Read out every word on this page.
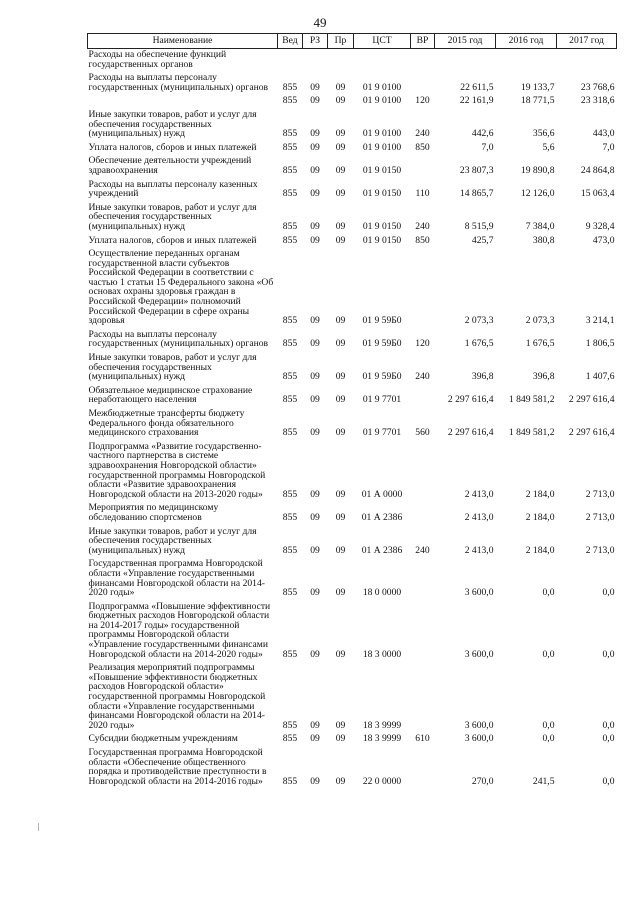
49
Наименование	Вед	РЗ	Пр	ЦСТ	ВР	2015 год	2016 год	2017 год
Расходы на обеспечение функций государственных органов								
Расходы на выплаты персоналу государственных (муниципальных) органов	855	09	09	01 9 0100		22 611,5	19 133,7	23 768,6
	855	09	09	01 9 0100	120	22 161,9	18 771,5	23 318,6
Иные закупки товаров, работ и услуг для обеспечения государственных (муниципальных) нужд	855	09	09	01 9 0100	240	442,6	356,6	443,0
Уплата налогов, сборов и иных платежей	855	09	09	01 9 0100	850	7,0	5,6	7,0
Обеспечение деятельности учреждений здравоохранения	855	09	09	01 9 0150		23 807,3	19 890,8	24 864,8
Расходы на выплаты персоналу казенных учреждений	855	09	09	01 9 0150	110	14 865,7	12 126,0	15 063,4
Иные закупки товаров, работ и услуг для обеспечения государственных (муниципальных) нужд	855	09	09	01 9 0150	240	8 515,9	7 384,0	9 328,4
Уплата налогов, сборов и иных платежей	855	09	09	01 9 0150	850	425,7	380,8	473,0
Осуществление переданных органам государственной власти субъектов Российской Федерации в соответствии с частью 1 статьи 15 Федерального закона «Об основах охраны здоровья граждан в Российской Федерации» полномочий Российской Федерации в сфере охраны здоровья	855	09	09	01 9 59Б0		2 073,3	2 073,3	3 214,1
Расходы на выплаты персоналу государственных (муниципальных) органов	855	09	09	01 9 59Б0	120	1 676,5	1 676,5	1 806,5
Иные закупки товаров, работ и услуг для обеспечения государственных (муниципальных) нужд	855	09	09	01 9 59Б0	240	396,8	396,8	1 407,6
Обязательное медицинское страхование неработающего населения	855	09	09	01 9 7701		2 297 616,4	1 849 581,2	2 297 616,4
Межбюджетные трансферты бюджету Федерального фонда обязательного медицинского страхования	855	09	09	01 9 7701	560	2 297 616,4	1 849 581,2	2 297 616,4
Подпрограмма «Развитие государственно-частного партнерства в системе здравоохранения Новгородской области» государственной программы Новгородской области «Развитие здравоохранения Новгородской области на 2013-2020 годы»	855	09	09	01 А 0000		2 413,0	2 184,0	2 713,0
Мероприятия по медицинскому обследованию спортсменов	855	09	09	01 А 2386		2 413,0	2 184,0	2 713,0
Иные закупки товаров, работ и услуг для обеспечения государственных (муниципальных) нужд	855	09	09	01 А 2386	240	2 413,0	2 184,0	2 713,0
Государственная программа Новгородской области «Управление государственными финансами Новгородской области на 2014-2020 годы»	855	09	09	18 0 0000		3 600,0	0,0	0,0
Подпрограмма «Повышение эффективности бюджетных расходов Новгородской области на 2014-2017 годы» государственной программы Новгородской области «Управление государственными финансами Новгородской области на 2014-2020 годы»	855	09	09	18 3 0000		3 600,0	0,0	0,0
Реализация мероприятий подпрограммы «Повышение эффективности бюджетных расходов Новгородской области» государственной программы Новгородской области «Управление государственными финансами Новгородской области на 2014-2020 годы»	855	09	09	18 3 9999		3 600,0	0,0	0,0
Субсидии бюджетным учреждениям	855	09	09	18 3 9999	610	3 600,0	0,0	0,0
Государственная программа Новгородской области «Обеспечение общественного порядка и противодействие преступности в Новгородской области на 2014-2016 годы»	855	09	09	22 0 0000		270,0	241,5	0,0
|
